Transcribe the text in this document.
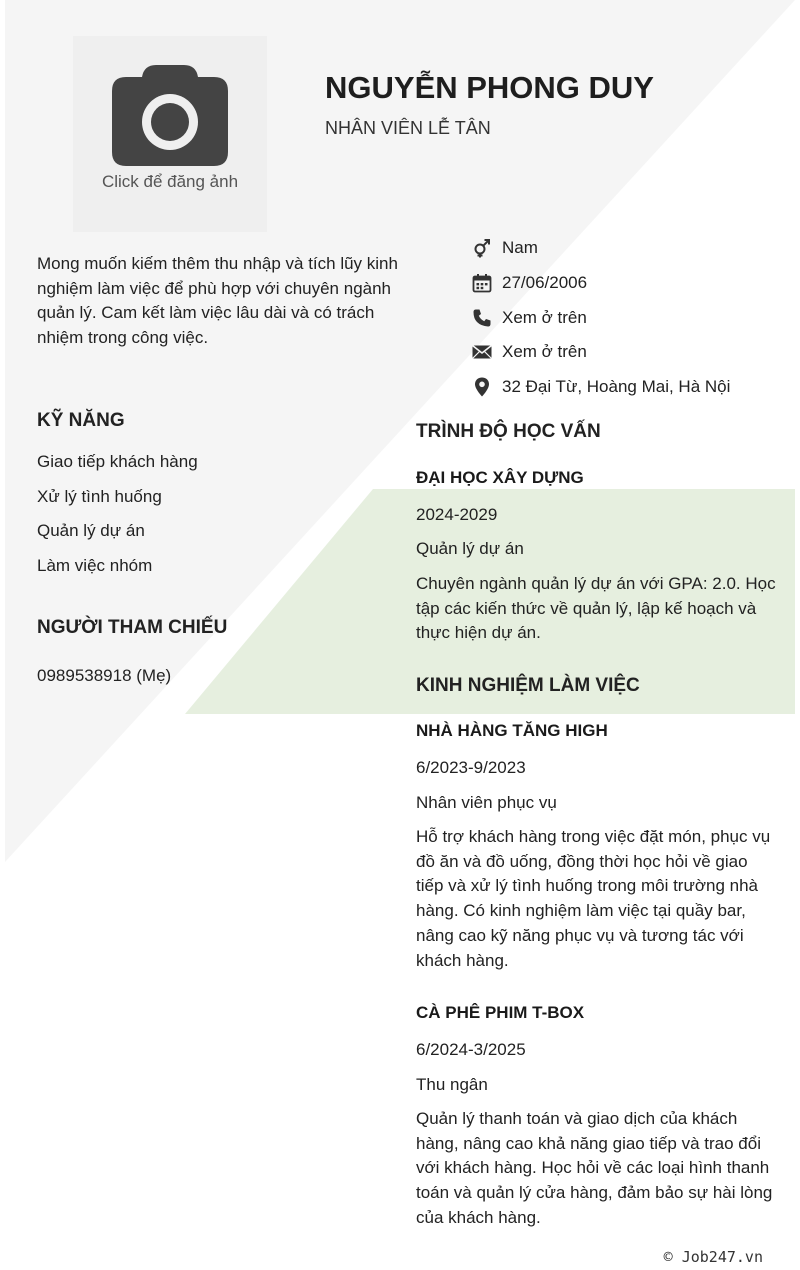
Click để đăng ảnh
NGUYỄN PHONG DUY
NHÂN VIÊN LỄ TÂN

Mong muốn kiếm thêm thu nhập và tích lũy kinh nghiệm làm việc để phù hợp với chuyên ngành quản lý. Cam kết làm việc lâu dài và có trách nhiệm trong công việc.

Nam
27/06/2006
Xem ở trên
Xem ở trên
32 Đại Từ, Hoàng Mai, Hà Nội
KỸ NĂNG
Giao tiếp khách hàng
Xử lý tình huống
Quản lý dự án
Làm việc nhóm
NGƯỜI THAM CHIẾU
0989538918 (Mẹ)
TRÌNH ĐỘ HỌC VẤN
ĐẠI HỌC XÂY DỰNG
2024-2029
Quản lý dự án

Chuyên ngành quản lý dự án với GPA: 2.0. Học tập các kiến thức về quản lý, lập kế hoạch và thực hiện dự án.

KINH NGHIỆM LÀM VIỆC
NHÀ HÀNG TĂNG HIGH
6/2023-9/2023
Nhân viên phục vụ

Hỗ trợ khách hàng trong việc đặt món, phục vụ đồ ăn và đồ uống, đồng thời học hỏi về giao tiếp và xử lý tình huống trong môi trường nhà hàng. Có kinh nghiệm làm việc tại quầy bar, nâng cao kỹ năng phục vụ và tương tác với khách hàng.

CÀ PHÊ PHIM T-BOX
6/2024-3/2025
Thu ngân

Quản lý thanh toán và giao dịch của khách hàng, nâng cao khả năng giao tiếp và trao đổi với khách hàng. Học hỏi về các loại hình thanh toán và quản lý cửa hàng, đảm bảo sự hài lòng của khách hàng.

© Job247.vn
